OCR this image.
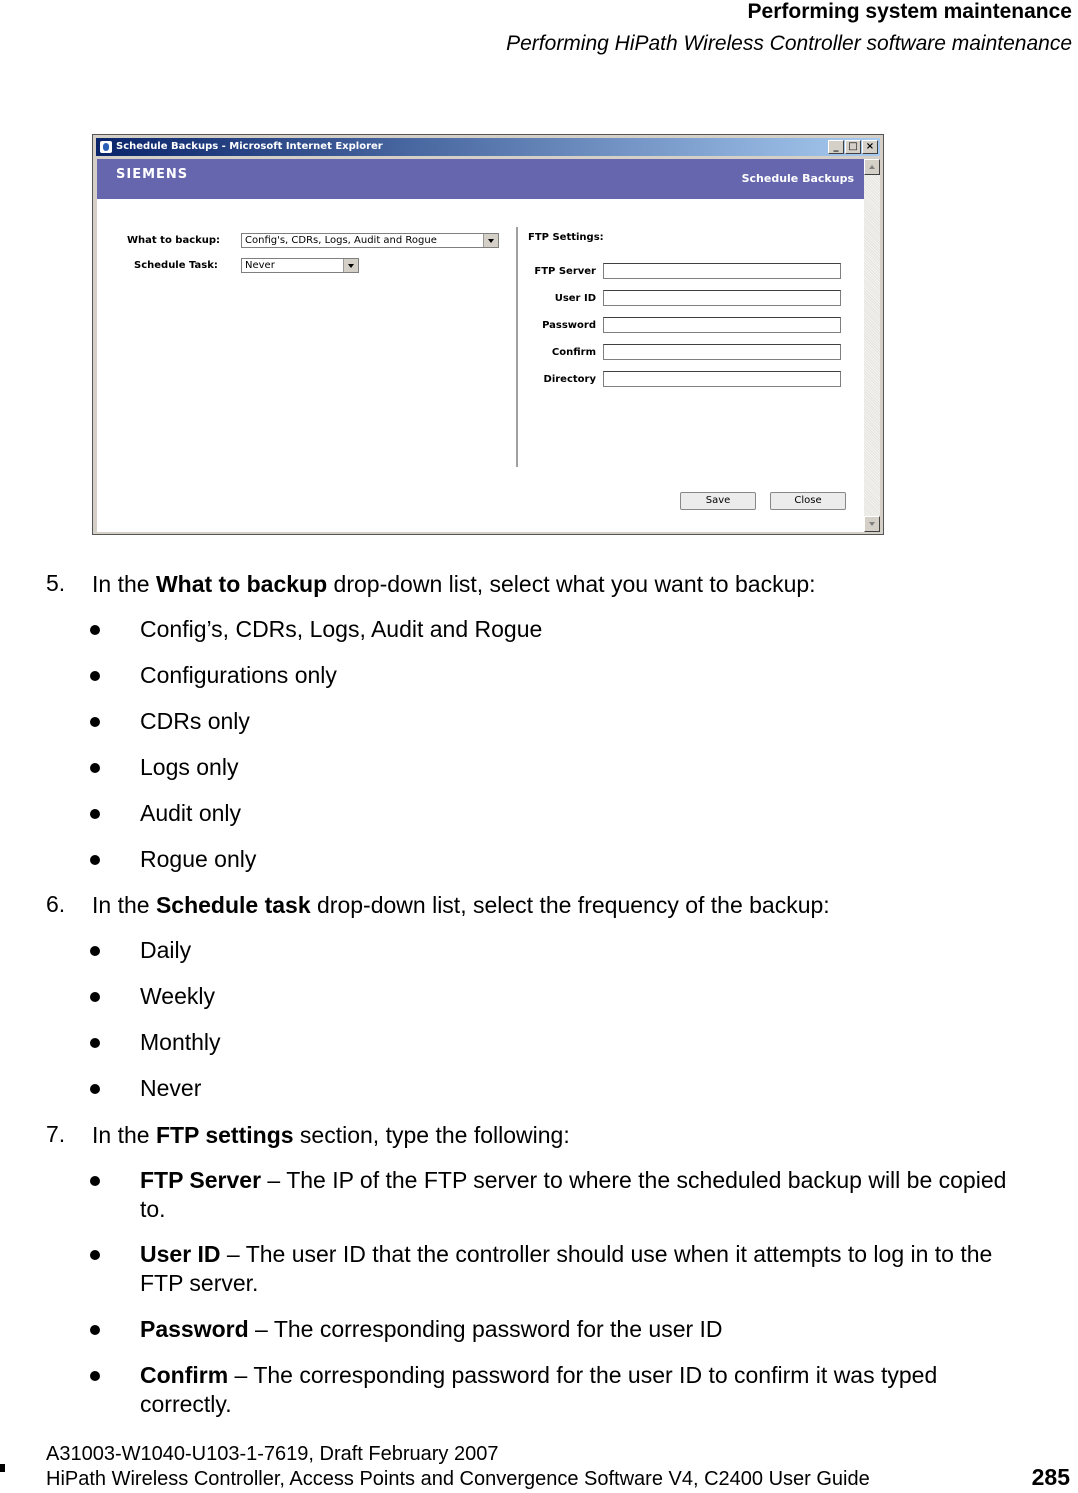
Performing system maintenance
Performing HiPath Wireless Controller software maintenance
Schedule Backups - Microsoft Internet Explorer	_ □ ×
SIEMENS	Schedule Backups
What to backup:	Config's, CDRs, Logs, Audit and Rogue
Schedule Task:	Never
FTP Settings:
FTP Server
User ID
Password
Confirm
Directory
Save	Close
5. In the What to backup drop-down list, select what you want to backup:
Config’s, CDRs, Logs, Audit and Rogue
Configurations only
CDRs only
Logs only
Audit only
Rogue only
6. In the Schedule task drop-down list, select the frequency of the backup:
Daily
Weekly
Monthly
Never
7. In the FTP settings section, type the following:
FTP Server – The IP of the FTP server to where the scheduled backup will be copied
to.
User ID – The user ID that the controller should use when it attempts to log in to the
FTP server.
Password – The corresponding password for the user ID
Confirm – The corresponding password for the user ID to confirm it was typed
correctly.
A31003-W1040-U103-1-7619, Draft February 2007
HiPath Wireless Controller, Access Points and Convergence Software V4, C2400 User Guide	285
